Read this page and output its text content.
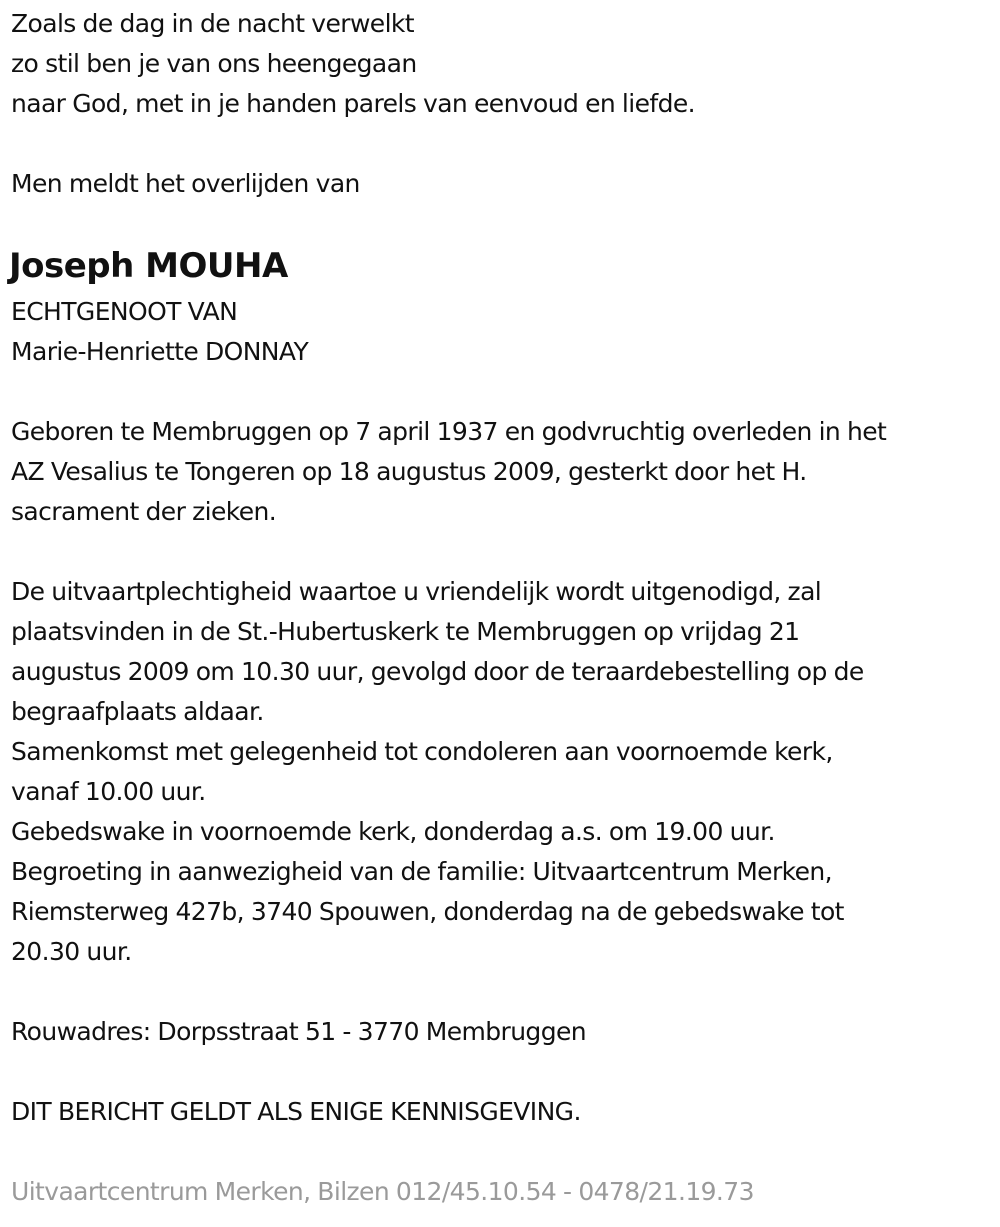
Zoals de dag in de nacht verwelkt
zo stil ben je van ons heengegaan
naar God, met in je handen parels van eenvoud en liefde.
Men meldt het overlijden van
Joseph MOUHA
ECHTGENOOT VAN
Marie-Henriette DONNAY
Geboren te Membruggen op 7 april 1937 en godvruchtig overleden in het
AZ Vesalius te Tongeren op 18 augustus 2009, gesterkt door het H.
sacrament der zieken.
De uitvaartplechtigheid waartoe u vriendelijk wordt uitgenodigd, zal
plaatsvinden in de St.-Hubertuskerk te Membruggen op vrijdag 21
augustus 2009 om 10.30 uur, gevolgd door de teraardebestelling op de
begraafplaats aldaar.
Samenkomst met gelegenheid tot condoleren aan voornoemde kerk,
vanaf 10.00 uur.
Gebedswake in voornoemde kerk, donderdag a.s. om 19.00 uur.
Begroeting in aanwezigheid van de familie: Uitvaartcentrum Merken,
Riemsterweg 427b, 3740 Spouwen, donderdag na de gebedswake tot
20.30 uur.
Rouwadres: Dorpsstraat 51 - 3770 Membruggen
DIT BERICHT GELDT ALS ENIGE KENNISGEVING.
Uitvaartcentrum Merken, Bilzen 012/45.10.54 - 0478/21.19.73
